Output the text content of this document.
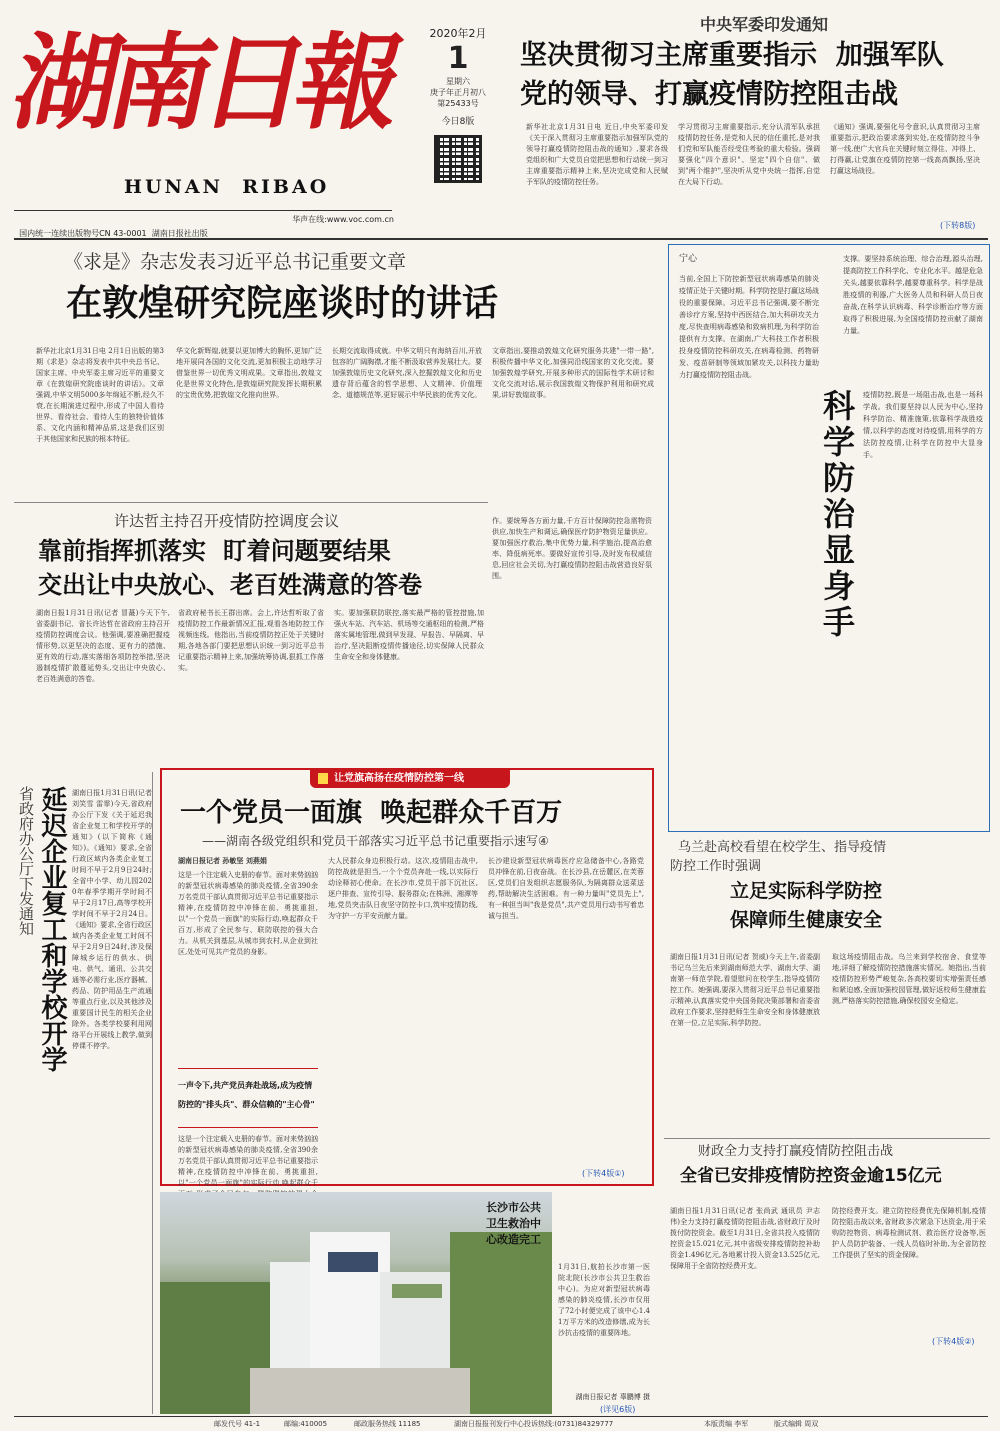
湖
南
日
報
HUNAN  RIBAO
2020年2月
1
星期六
庚子年正月初八
第25433号
今日8版

国内统一连续出版物号CN 43-0001  湖南日报社出版

华声在线:www.voc.com.cn

中央军委印发通知
坚决贯彻习主席重要指示  加强军队
党的领导、打赢疫情防控阻击战
新华社北京1月31日电 近日,中央军委印发《关于深入贯彻习主席重要指示加强军队党的领导打赢疫情防控阻击战的通知》,要求各级党组织和广大党员自觉把思想和行动统一到习主席重要指示精神上来,坚决完成党和人民赋予军队的疫情防控任务。
学习贯彻习主席重要指示,充分认清军队承担疫情防控任务,是党和人民的信任重托,是对我们党和军队能否经受住考验的重大检验。强调要强化"四个意识"、坚定"四个自信"、做到"两个维护",坚决听从党中央统一指挥,自觉在大局下行动。
《通知》强调,要强化号令意识,认真贯彻习主席重要指示,把政治要求落到实处,在疫情防控斗争第一线,使广大官兵在关键时刻立得住、冲得上、打得赢,让党旗在疫情防控第一线高高飘扬,坚决打赢这场战役。
(下转8版)
《求是》杂志发表习近平总书记重要文章
在敦煌研究院座谈时的讲话
新华社北京1月31日电 2月1日出版的第3期《求是》杂志将发表中共中央总书记、国家主席、中央军委主席习近平的重要文章《在敦煌研究院座谈时的讲话》。文章强调,中华文明5000多年绵延不断,经久不衰,在长期演进过程中,形成了中国人看待世界、看待社会、看待人生的独特价值体系、文化内涵和精神品质,这是我们区别于其他国家和民族的根本特征。
华文化新辉煌,就要以更加博大的胸怀,更加广泛地开展同各国的文化交流,更加积极主动地学习借鉴世界一切优秀文明成果。文章指出,敦煌文化是世界文化特色,是敦煌研究院发挥长期积累的宝贵优势,把敦煌文化推向世界。
长期交流取得成就。中华文明只有海纳百川,开放包容的广阔胸襟,才能不断汲取营养发展壮大。要加强敦煌历史文化研究,深入挖掘敦煌文化和历史遗存背后蕴含的哲学思想、人文精神、价值理念、道德规范等,更好展示中华民族的优秀文化。
文章指出,要推动敦煌文化研究服务共建"一带一路",积极传播中华文化,加强同沿线国家的文化交流。要加强敦煌学研究,开展多种形式的国际性学术研讨和文化交流对话,展示我国敦煌文物保护利用和研究成果,讲好敦煌故事。
许达哲主持召开疫情防控调度会议
靠前指挥抓落实  盯着问题要结果
交出让中央放心、老百姓满意的答卷
湖南日报1月31日讯(记者 冒蕞)今天下午,省委副书记、省长许达哲在省政府主持召开疫情防控调度会议。他强调,要准确把握疫情形势,以更坚决的态度、更有力的措施、更有效的行动,落实落细各项防控举措,坚决遏制疫情扩散蔓延势头,交出让中央放心、老百姓满意的答卷。
省政府秘书长王群出席。会上,许达哲听取了省疫情防控工作最新情况汇报,观看各地防控工作视频连线。他指出,当前疫情防控正处于关键时期,各地各部门要把思想认识统一到习近平总书记重要指示精神上来,加强统筹协调,狠抓工作落实。
实。要加强联防联控,落实最严格的管控措施,加强火车站、汽车站、机场等交通枢纽的检测,严格落实属地管理,做到早发现、早报告、早隔离、早治疗,坚决阻断疫情传播途径,切实保障人民群众生命安全和身体健康。
作。要统筹各方面力量,千方百计保障防控急需物资供应,加快生产和调运,确保医疗防护物资足量供应。要加强医疗救治,集中优势力量,科学施治,提高治愈率、降低病死率。要做好宣传引导,及时发布权威信息,回应社会关切,为打赢疫情防控阻击战营造良好氛围。
宁心
当前,全国上下防控新型冠状病毒感染的肺炎疫情正处于关键时期。科学防控是打赢这场战役的重要保障。习近平总书记强调,要不断完善诊疗方案,坚持中西医结合,加大科研攻关力度,尽快查明病毒感染和致病机理,为科学防治提供有力支撑。在湖南,广大科技工作者积极投身疫情防控科研攻关,在病毒检测、药物研发、疫苗研制等领域加紧攻关,以科技力量助力打赢疫情防控阻击战。
支撑。要坚持系统治理、综合治理,源头治理,提高防控工作科学化、专业化水平。越是危急关头,越要依靠科学,越要尊重科学。科学是战胜疫情的利器,广大医务人员和科研人员日夜奋战,在科学认识病毒、科学诊断治疗等方面取得了积极进展,为全国疫情防控贡献了湖南力量。
科学防治显身手 疫情防控,既是一场阻击战,也是一场科学战。我们要坚持以人民为中心,坚持科学防治、精准施策,依靠科学战胜疫情,以科学的态度对待疫情,用科学的方法防控疫情,让科学在防控中大显身手。
省政府办公厅下发通知 延迟企业复工和学校开学 湖南日报1月31日讯(记者 刘笑雪 雷霏)今天,省政府办公厅下发《关于延迟我省企业复工和学校开学的通知》(以下简称《通知》)。《通知》要求,全省行政区域内各类企业复工时间不早于2月9日24时;全省中小学、幼儿园2020年春季学期开学时间不早于2月17日,高等学校开学时间不早于2月24日。《通知》要求,全省行政区域内各类企业复工时间不早于2月9日24时,涉及保障城乡运行的供水、供电、供气、通讯、公共交通等必需行业,医疗器械、药品、防护用品生产流通等重点行业,以及其他涉及重要国计民生的相关企业除外。各类学校要利用网络平台开展线上教学,做到停课不停学。
让党旗高扬在疫情防控第一线
一个党员一面旗  唤起群众千百万
——湖南各级党组织和党员干部落实习近平总书记重要指示速写④
湖南日报记者 孙敏坚 刘燕娟
这是一个注定载入史册的春节。面对来势汹汹的新型冠状病毒感染的肺炎疫情,全省390余万名党员干部认真贯彻习近平总书记重要指示精神,在疫情防控中冲锋在前、勇挑重担,以"一个党员一面旗"的实际行动,唤起群众千百万,形成了全民参与、联防联控的强大合力。从机关到基层,从城市到农村,从企业到社区,处处可见共产党员的身影。
一声令下,共产党员奔赴战场,成为疫情防控的"排头兵"、群众信赖的"主心骨"
这是一个注定载入史册的春节。面对来势汹汹的新型冠状病毒感染的肺炎疫情,全省390余万名党员干部认真贯彻习近平总书记重要指示精神,在疫情防控中冲锋在前、勇挑重担,以"一个党员一面旗"的实际行动,唤起群众千
大人民群众身边积极行动。这次,疫情阻击战中,防控战就是担当,一个个党员奔赴一线,以实际行动诠释初心使命。在长沙市,党员干部下沉社区,逐户排查、宣传引导、服务群众;在株洲、湘潭等地,党员突击队日夜坚守防控卡口,筑牢疫情防线,为守护一方平安贡献力量。
长沙建设新型冠状病毒医疗应急储备中心,各路党员冲锋在前,日夜奋战。在长沙县,在岳麓区,在芙蓉区,党员们自发组织志愿服务队,为隔离群众送菜送药,帮助解决生活困难。有一种力量叫"党员先上",有一种担当叫"我是党员",共产党员用行动书写着忠诚与担当。
(下转4版①)
长沙市公共卫生救治中心改造完工
1月31日,航拍长沙市第一医院北院(长沙市公共卫生救治中心)。为应对新型冠状病毒感染的肺炎疫情,长沙市仅用了72小时便完成了该中心1.41万平方米的改造修缮,成为长沙抗击疫情的重要阵地。
湖南日报记者 辜鹏博 摄
(详见6版)
乌兰赴高校看望在校学生、指导疫情
防控工作时强调
立足实际科学防控
保障师生健康安全
湖南日报1月31日讯(记者 贺威)今天上午,省委副书记乌兰先后来到湖南师范大学、湖南大学、湖南第一师范学院,看望慰问在校学生,指导疫情防控工作。她强调,要深入贯彻习近平总书记重要指示精神,认真落实党中央国务院决策部署和省委省政府工作要求,坚持把师生生命安全和身体健康放在第一位,立足实际,科学防控。
取这场疫情阻击战。乌兰来到学校宿舍、食堂等地,详细了解疫情防控措施落实情况。她指出,当前疫情防控形势严峻复杂,各高校要切实增强责任感和紧迫感,全面加强校园管理,做好返校师生健康监测,严格落实防控措施,确保校园安全稳定。
财政全力支持打赢疫情防控阻击战
全省已安排疫情防控资金逾15亿元
湖南日报1月31日讯(记者 张尚武 通讯员 尹志伟)全力支持打赢疫情防控阻击战,省财政厅及时拨付防控资金。截至1月31日,全省共投入疫情防控资金15.021亿元,其中省级安排疫情防控补助资金1.496亿元,各地累计投入资金13.525亿元,保障用于全省防控经费开支。
防控经费开支。建立防控经费优先保障机制,疫情防控阻击战以来,省财政多次紧急下达资金,用于采购防控物资、病毒检测试剂、救治医疗设备等,医护人员防护装备、一线人员临时补助,为全省防控工作提供了坚实的资金保障。
(下转4版②)
邮发代号 41-1	邮编:410005	邮政服务热线 11185	湖南日报报刊发行中心投诉热线:(0731)84329777	本版责编 李军	版式编辑 周双
